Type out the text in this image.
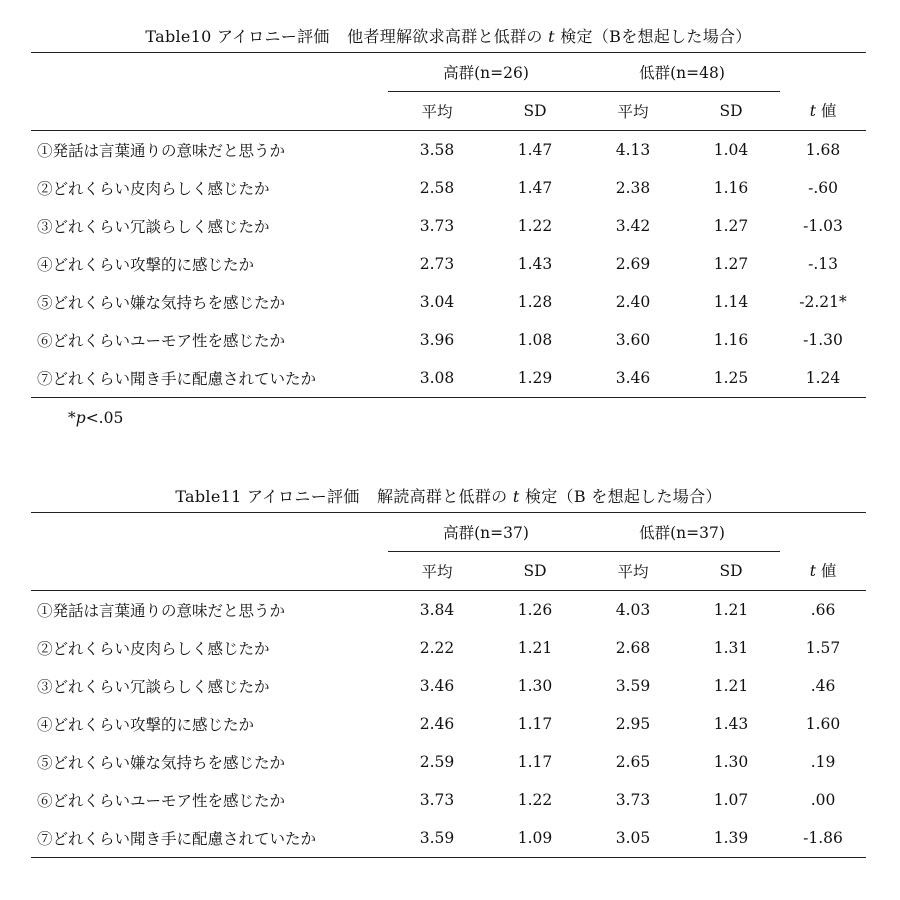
Table10 アイロニー評価 他者理解欲求高群と低群の t 検定（Bを想起した場合）
	高群(n=26)		低群(n=48)		t 値
	平均	SD	平均	SD	
①発話は言葉通りの意味だと思うか	3.58	1.47	4.13	1.04	1.68
②どれくらい皮肉らしく感じたか	2.58	1.47	2.38	1.16	-.60
③どれくらい冗談らしく感じたか	3.73	1.22	3.42	1.27	-1.03
④どれくらい攻撃的に感じたか	2.73	1.43	2.69	1.27	-.13
⑤どれくらい嫌な気持ちを感じたか	3.04	1.28	2.40	1.14	-2.21*
⑥どれくらいユーモア性を感じたか	3.96	1.08	3.60	1.16	-1.30
⑦どれくらい聞き手に配慮されていたか	3.08	1.29	3.46	1.25	1.24
*p<.05
Table11 アイロニー評価 解読高群と低群の t 検定（B を想起した場合）
	高群(n=37)		低群(n=37)		t 値
	平均	SD	平均	SD	
①発話は言葉通りの意味だと思うか	3.84	1.26	4.03	1.21	.66
②どれくらい皮肉らしく感じたか	2.22	1.21	2.68	1.31	1.57
③どれくらい冗談らしく感じたか	3.46	1.30	3.59	1.21	.46
④どれくらい攻撃的に感じたか	2.46	1.17	2.95	1.43	1.60
⑤どれくらい嫌な気持ちを感じたか	2.59	1.17	2.65	1.30	.19
⑥どれくらいユーモア性を感じたか	3.73	1.22	3.73	1.07	.00
⑦どれくらい聞き手に配慮されていたか	3.59	1.09	3.05	1.39	-1.86
